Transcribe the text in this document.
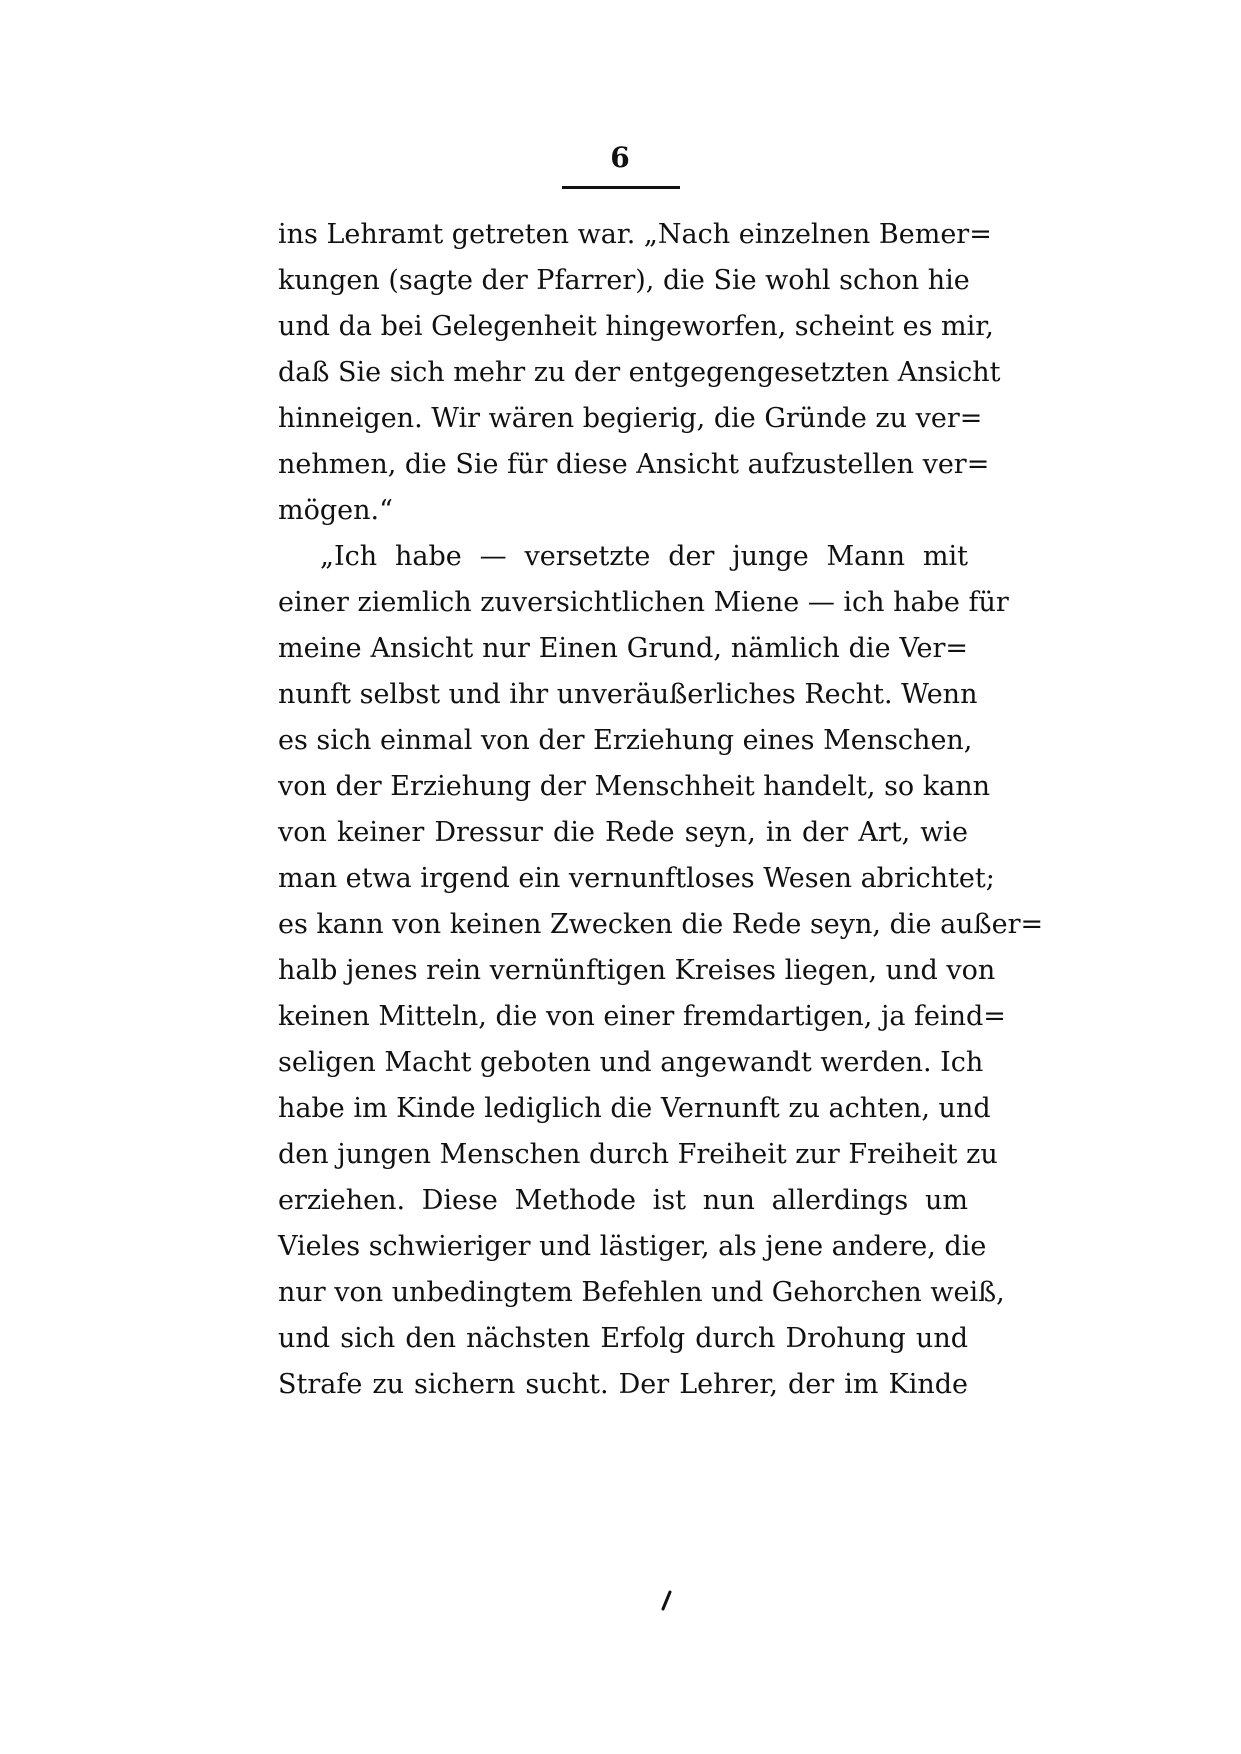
6
ins Lehramt getreten war. „Nach einzelnen Bemer=
kungen (sagte der Pfarrer), die Sie wohl schon hie
und da bei Gelegenheit hingeworfen, scheint es mir,
daß Sie sich mehr zu der entgegengesetzten Ansicht
hinneigen. Wir wären begierig, die Gründe zu ver=
nehmen, die Sie für diese Ansicht aufzustellen ver=
mögen.“
„Ich habe — versetzte der junge Mann mit
einer ziemlich zuversichtlichen Miene — ich habe für
meine Ansicht nur Einen Grund, nämlich die Ver=
nunft selbst und ihr unveräußerliches Recht. Wenn
es sich einmal von der Erziehung eines Menschen,
von der Erziehung der Menschheit handelt, so kann
von keiner Dressur die Rede seyn, in der Art, wie
man etwa irgend ein vernunftloses Wesen abrichtet;
es kann von keinen Zwecken die Rede seyn, die außer=
halb jenes rein vernünftigen Kreises liegen, und von
keinen Mitteln, die von einer fremdartigen, ja feind=
seligen Macht geboten und angewandt werden. Ich
habe im Kinde lediglich die Vernunft zu achten, und
den jungen Menschen durch Freiheit zur Freiheit zu
erziehen. Diese Methode ist nun allerdings um
Vieles schwieriger und lästiger, als jene andere, die
nur von unbedingtem Befehlen und Gehorchen weiß,
und sich den nächsten Erfolg durch Drohung und
Strafe zu sichern sucht. Der Lehrer, der im Kinde
